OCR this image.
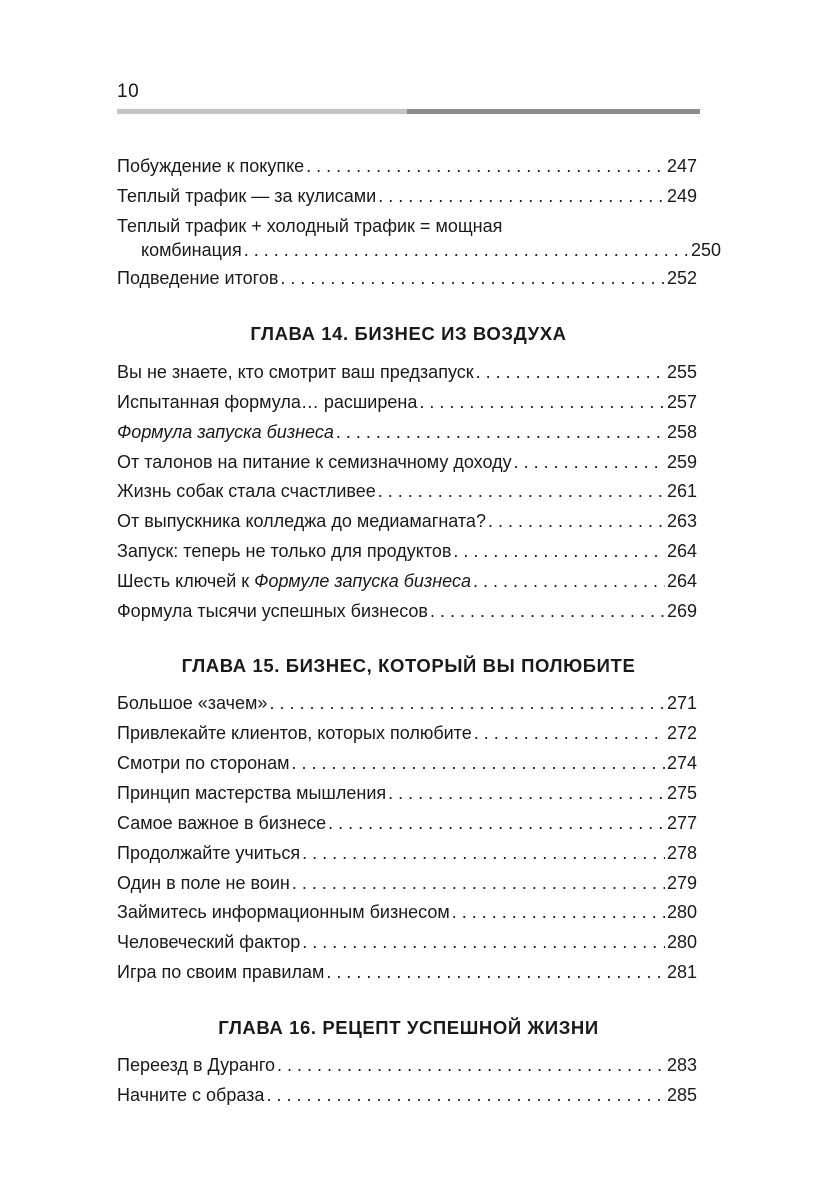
10
Побуждение к покупке . . .	247
Теплый трафик — за кулисами . . .	249
Теплый трафик + холодный трафик = мощная
комбинация . . .	250
Подведение итогов . . .	252
ГЛАВА 14. БИЗНЕС ИЗ ВОЗДУХА
Вы не знаете, кто смотрит ваш предзапуск . . .	255
Испытанная формула… расширена . . .	257
Формула запуска бизнеса . . .	258
От талонов на питание к семизначному доходу . . .	259
Жизнь собак стала счастливее . . .	261
От выпускника колледжа до медиамагната? . . .	263
Запуск: теперь не только для продуктов . . .	264
Шесть ключей к Формуле запуска бизнеса . . .	264
Формула тысячи успешных бизнесов . . .	269
ГЛАВА 15. БИЗНЕС, КОТОРЫЙ ВЫ ПОЛЮБИТЕ
Большое «зачем» . . .	271
Привлекайте клиентов, которых полюбите . . .	272
Смотри по сторонам . . .	274
Принцип мастерства мышления . . .	275
Самое важное в бизнесе . . .	277
Продолжайте учиться . . .	278
Один в поле не воин . . .	279
Займитесь информационным бизнесом . . .	280
Человеческий фактор . . .	280
Игра по своим правилам . . .	281
ГЛАВА 16. РЕЦЕПТ УСПЕШНОЙ ЖИЗНИ
Переезд в Дуранго . . .	283
Начните с образа . . .	285
